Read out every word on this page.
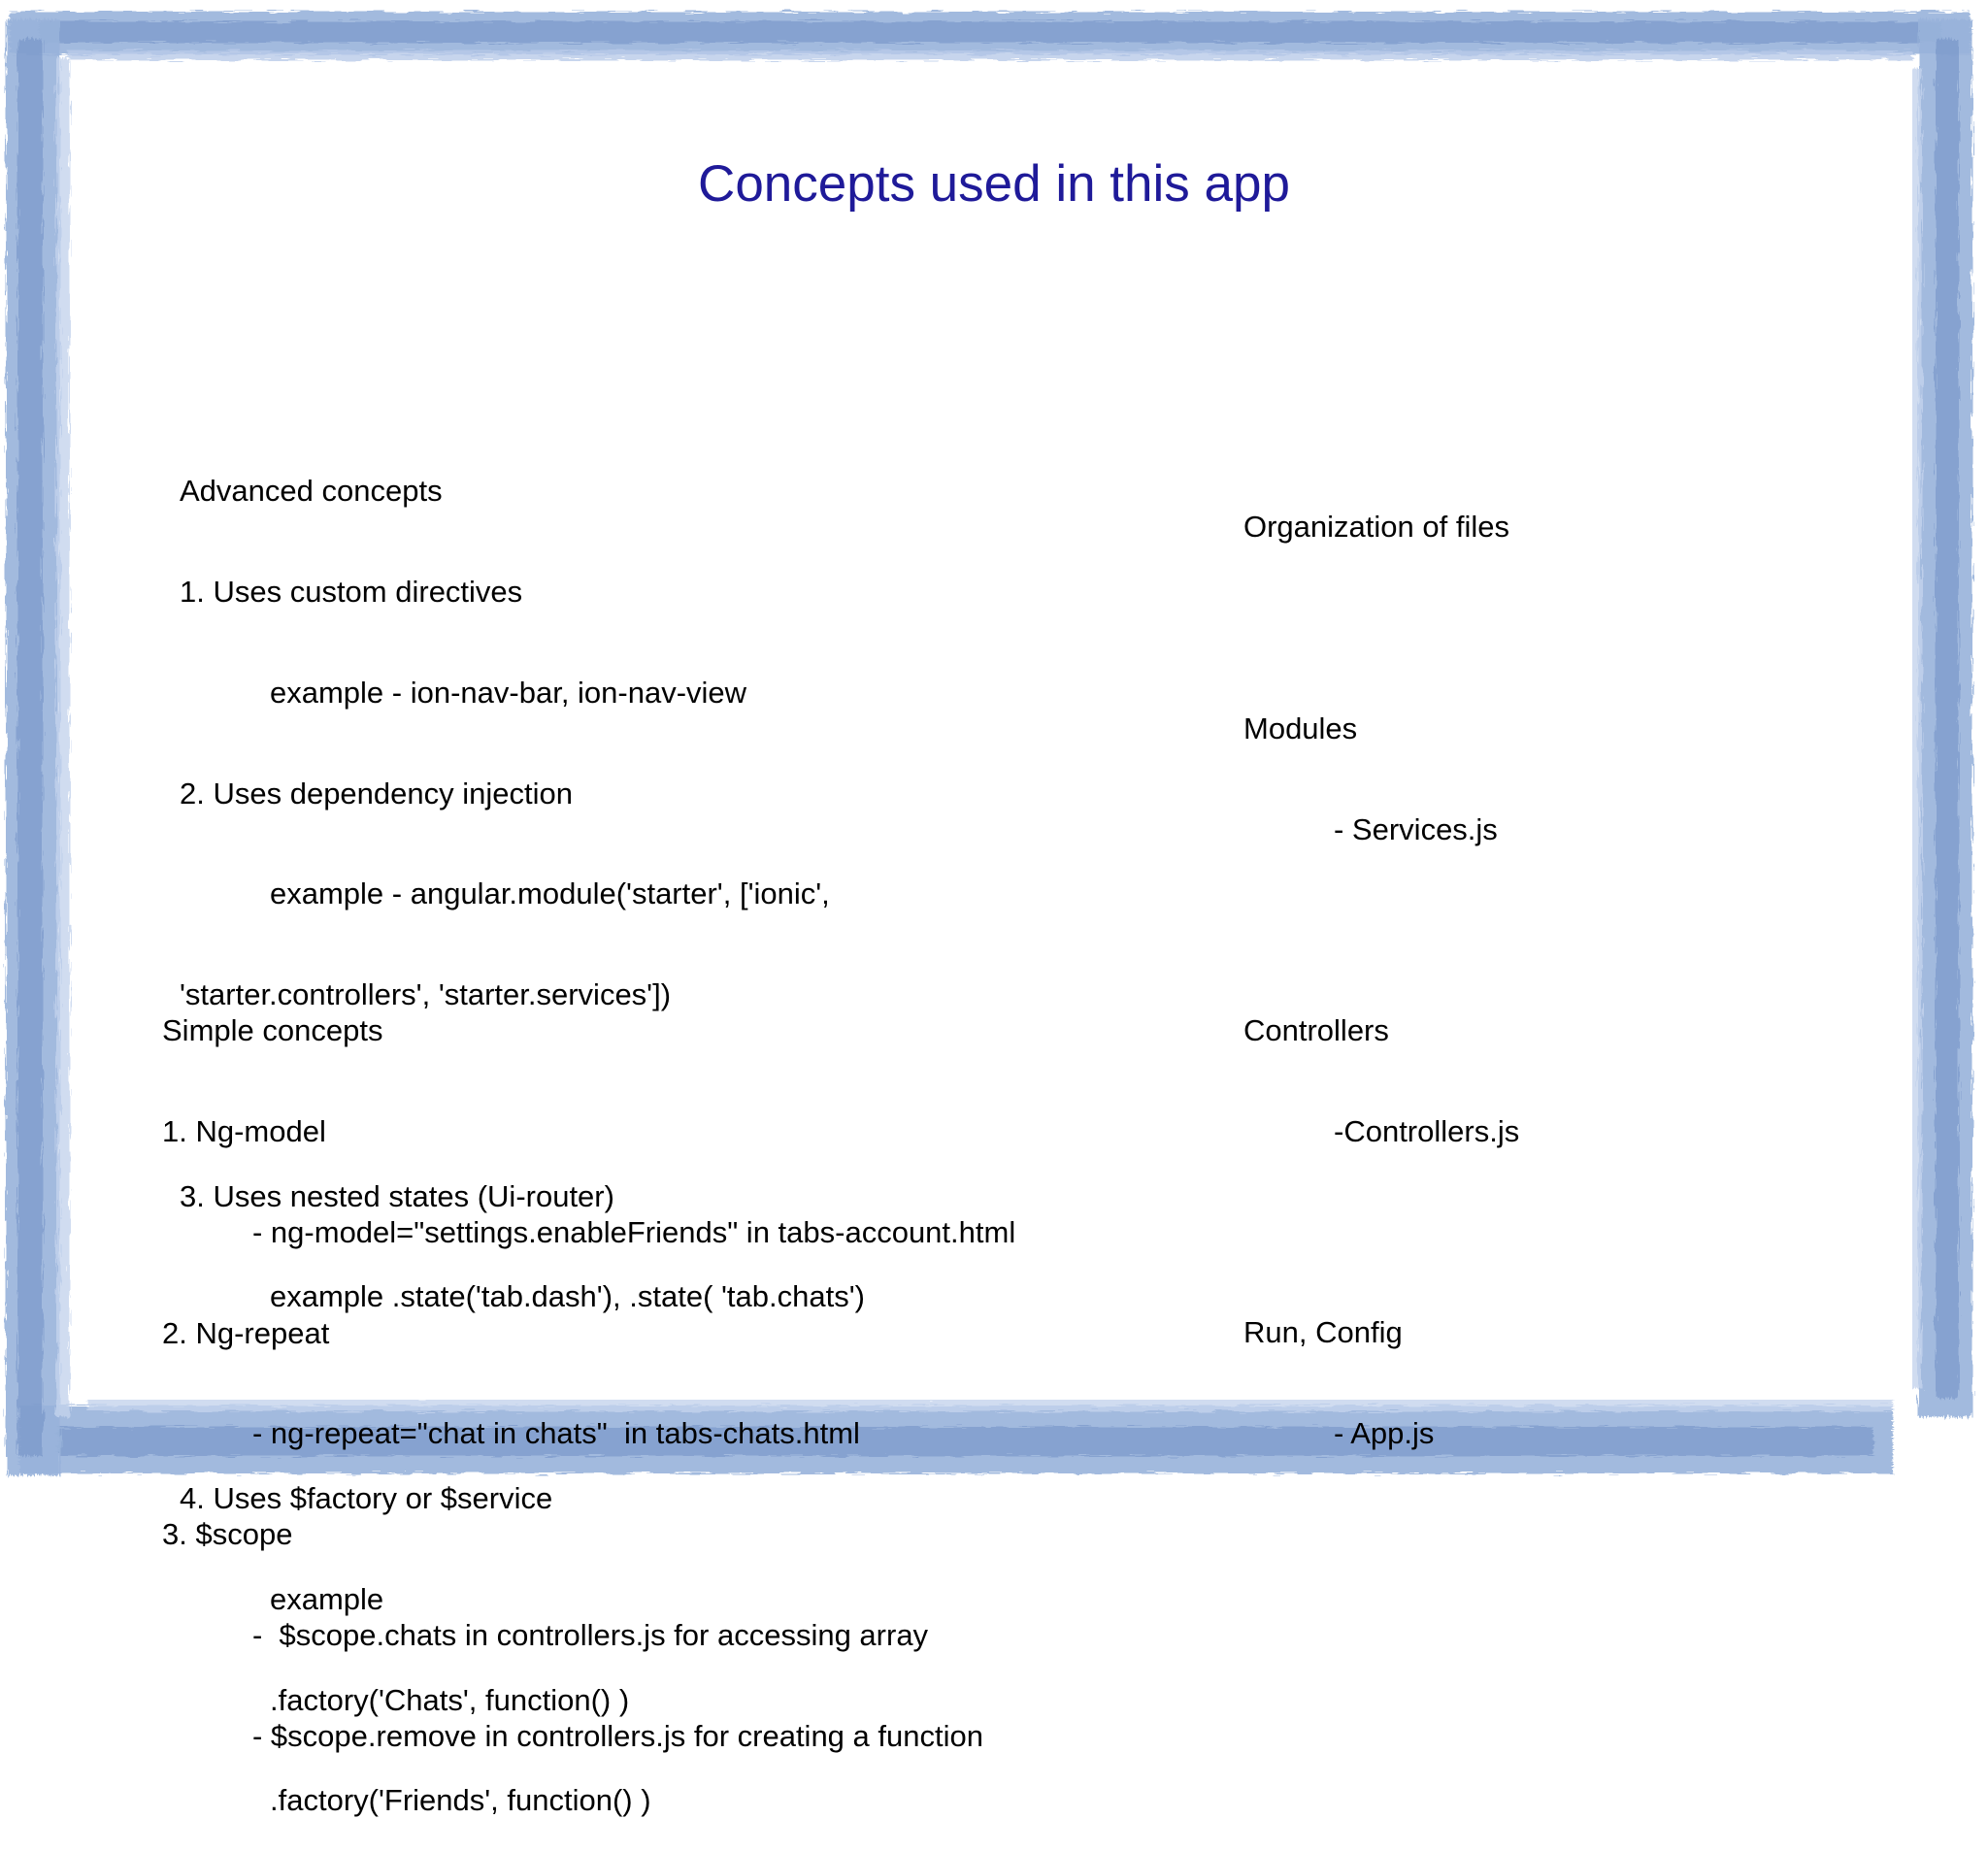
Concepts used in this app

Advanced concepts

1. Uses custom directives

example - ion-nav-bar, ion-nav-view

2. Uses dependency injection

example - angular.module('starter', ['ionic',

'starter.controllers', 'starter.services'])

3. Uses nested states (Ui-router)

example .state('tab.dash'), .state( 'tab.chats')

4. Uses $factory or $service

example

.factory('Chats', function() )

.factory('Friends', function() )

Simple concepts

1. Ng-model

- ng-model="settings.enableFriends" in tabs-account.html

2. Ng-repeat

- ng-repeat="chat in chats"  in tabs-chats.html

3. $scope

-  $scope.chats in controllers.js for accessing array

- $scope.remove in controllers.js for creating a function

Organization of files

Modules

- Services.js

Controllers

-Controllers.js

Run, Config

- App.js
